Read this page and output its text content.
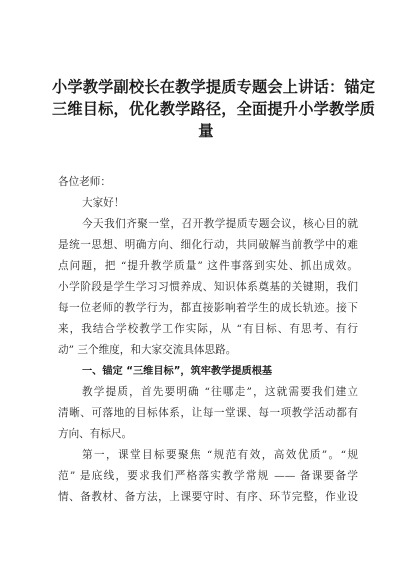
小学教学副校长在教学提质专题会上讲话：锚定
三维目标，优化教学路径，全面提升小学教学质
量
各位老师：
大家好！
今天我们齐聚一堂，召开教学提质专题会议，核心目的就
是统一思想、明确方向、细化行动，共同破解当前教学中的难
点问题，把 “提升教学质量” 这件事落到实处、抓出成效。
小学阶段是学生学习习惯养成、知识体系奠基的关键期，我们
每一位老师的教学行为，都直接影响着学生的成长轨迹。接下
来，我结合学校教学工作实际，从 “有目标、有思考、有行
动” 三个维度，和大家交流具体思路。
一、锚定 “三维目标”，筑牢教学提质根基
教学提质，首先要明确 “往哪走”，这就需要我们建立
清晰、可落地的目标体系，让每一堂课、每一项教学活动都有
方向、有标尺。
第一，课堂目标要聚焦 “规范有效，高效优质”。“规
范” 是底线，要求我们严格落实教学常规 —— 备课要备学
情、备教材、备方法，上课要守时、有序、环节完整，作业设
